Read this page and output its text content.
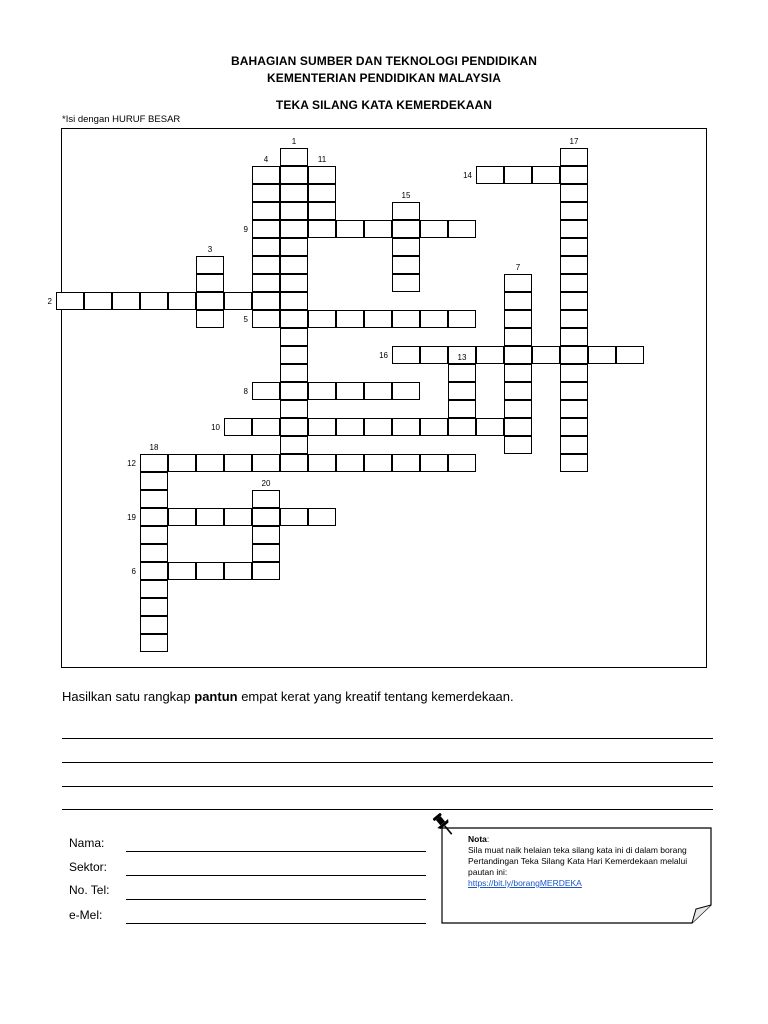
BAHAGIAN SUMBER DAN TEKNOLOGI PENDIDIKAN
KEMENTERIAN PENDIDIKAN MALAYSIA
TEKA SILANG KATA KEMERDEKAAN
*Isi dengan HURUF BESAR
1
2
3
4
5
6
7
8
9
10
11
12
13
14
15
16
17
18
19
20
Hasilkan satu rangkap pantun empat kerat yang kreatif tentang kemerdekaan.
Nama:
Sektor:
No. Tel:
e-Mel:
Nota:
Sila muat naik helaian teka silang kata ini di dalam borang Pertandingan Teka Silang Kata Hari Kemerdekaan melalui pautan ini:
https://bit.ly/borangMERDEKA
